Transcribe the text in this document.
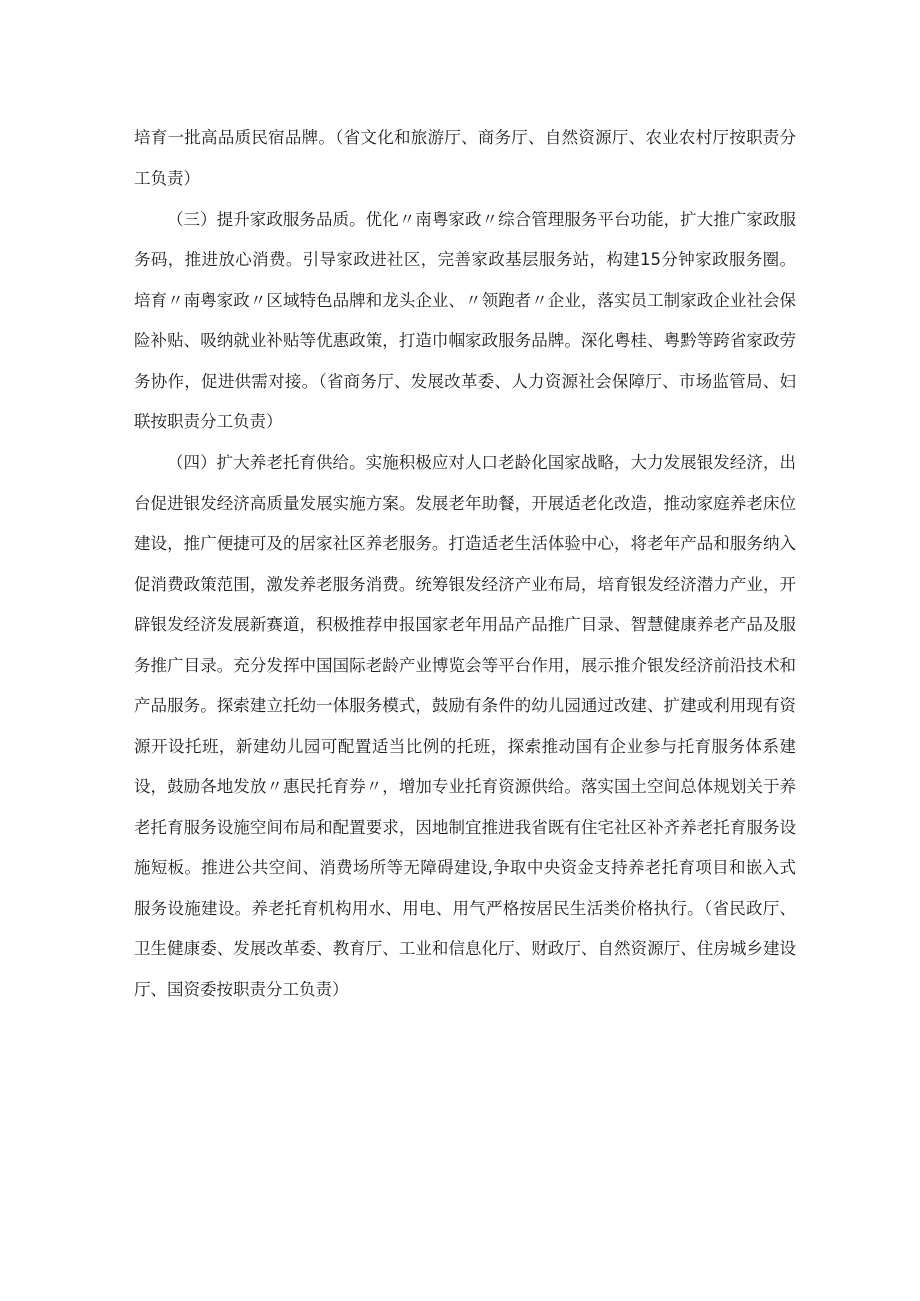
培育一批高品质民宿品牌。（省文化和旅游厅、商务厅、自然资源厅、农业农村厅按职责分工负责）

（三）提升家政服务品质。优化〃南粤家政〃综合管理服务平台功能，扩大推广家政服务码，推进放心消费。引导家政进社区，完善家政基层服务站，构建15分钟家政服务圈。培育〃南粤家政〃区域特色品牌和龙头企业、〃领跑者〃企业，落实员工制家政企业社会保险补贴、吸纳就业补贴等优惠政策，打造巾帼家政服务品牌。深化粤桂、粤黔等跨省家政劳务协作，促进供需对接。（省商务厅、发展改革委、人力资源社会保障厅、市场监管局、妇联按职责分工负责）

（四）扩大养老托育供给。实施积极应对人口老龄化国家战略，大力发展银发经济，出台促进银发经济高质量发展实施方案。发展老年助餐，开展适老化改造，推动家庭养老床位建设，推广便捷可及的居家社区养老服务。打造适老生活体验中心，将老年产品和服务纳入促消费政策范围，激发养老服务消费。统筹银发经济产业布局，培育银发经济潜力产业，开辟银发经济发展新赛道，积极推荐申报国家老年用品产品推广目录、智慧健康养老产品及服务推广目录。充分发挥中国国际老龄产业博览会等平台作用，展示推介银发经济前沿技术和产品服务。探索建立托幼一体服务模式，鼓励有条件的幼儿园通过改建、扩建或利用现有资源开设托班，新建幼儿园可配置适当比例的托班，探索推动国有企业参与托育服务体系建设，鼓励各地发放〃惠民托育券〃，增加专业托育资源供给。落实国土空间总体规划关于养老托育服务设施空间布局和配置要求，因地制宜推进我省既有住宅社区补齐养老托育服务设施短板。推进公共空间、消费场所等无障碍建设,争取中央资金支持养老托育项目和嵌入式服务设施建设。养老托育机构用水、用电、用气严格按居民生活类价格执行。（省民政厅、卫生健康委、发展改革委、教育厅、工业和信息化厅、财政厅、自然资源厅、住房城乡建设厅、国资委按职责分工负责）
